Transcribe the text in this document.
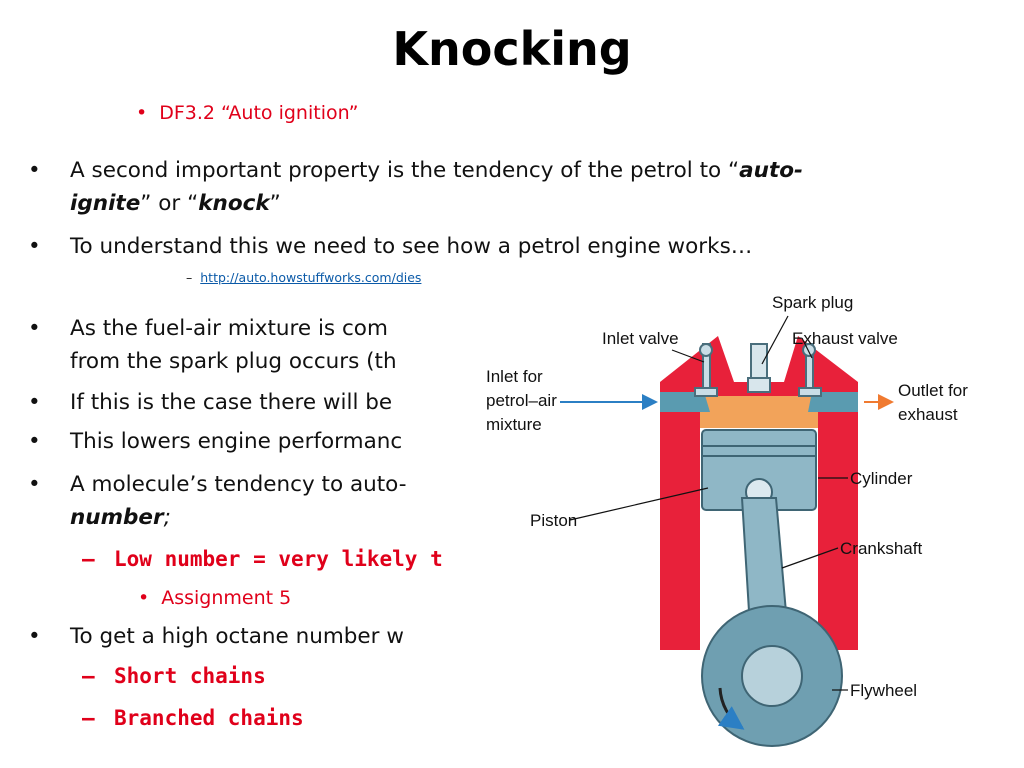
Knocking
• DF3.2 “Auto ignition”
• A second important property is the tendency of the petrol to “auto-
ignite” or “knock”
• To understand this we need to see how a petrol engine works…
– http://auto.howstuffworks.com/dies
• As the fuel-air mixture is com
from the spark plug occurs (th
• If this is the case there will be
• This lowers engine performanc
• A molecule’s tendency to auto-
number;
– Low number = very likely t
• Assignment 5
• To get a high octane number w
– Short chains
– Branched chains
Spark plug
Inlet valve	Exhaust valve
Inlet for
petrol–air
mixture
Outlet for
exhaust
Cylinder
Piston
Crankshaft
Flywheel
